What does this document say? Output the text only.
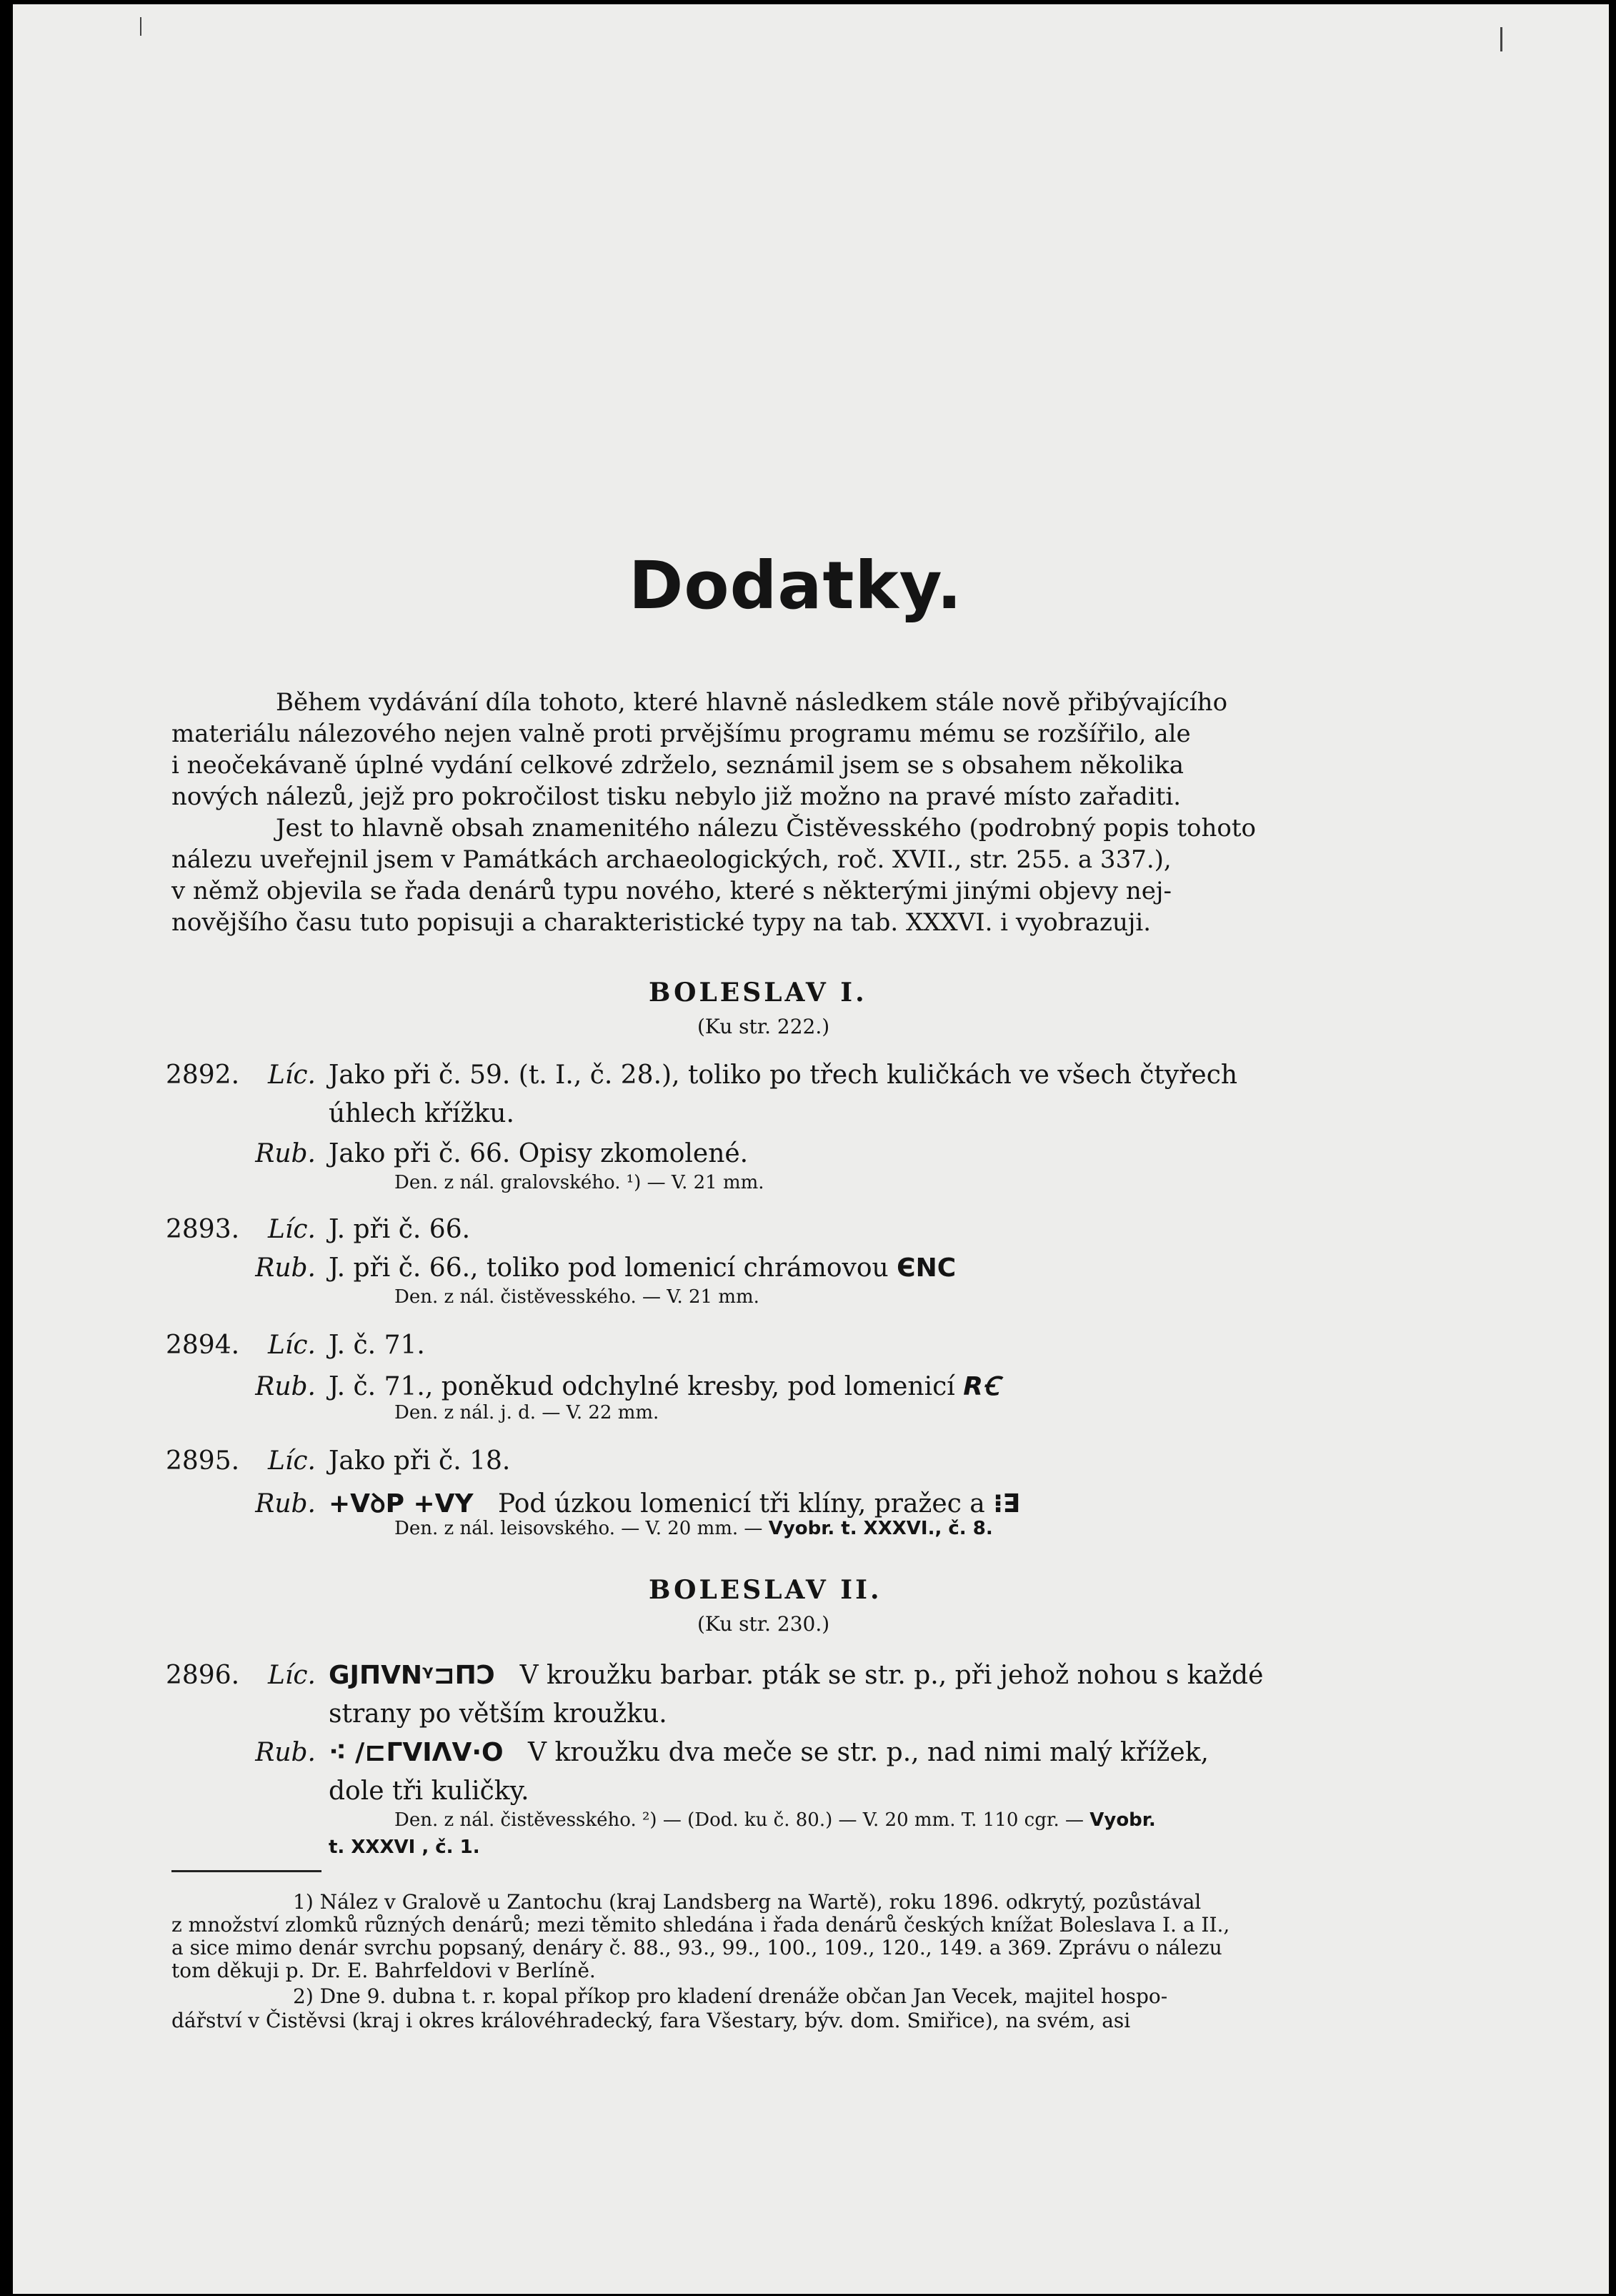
Dodatky.
Během vydávání díla tohoto, které hlavně následkem stále nově přibývajícího
materiálu nálezového nejen valně proti prvějšímu programu mému se rozšířilo, ale
i neočekávaně úplné vydání celkové zdrželo, seznámil jsem se s obsahem několika
nových nálezů, jejž pro pokročilost tisku nebylo již možno na pravé místo zařaditi.
Jest to hlavně obsah znamenitého nálezu Čistěvesského (podrobný popis tohoto
nálezu uveřejnil jsem v Památkách archaeologických, roč. XVII., str. 255. a 337.),
v němž objevila se řada denárů typu nového, které s některými jinými objevy nej-
novějšího času tuto popisuji a charakteristické typy na tab. XXXVI. i vyobrazuji.
BOLESLAV I.
(Ku str. 222.)
2892. Líc. Jako při č. 59. (t. I., č. 28.), toliko po třech kuličkách ve všech čtyřech
úhlech křížku.
Rub. Jako při č. 66. Opisy zkomolené.
Den. z nál. gralovského. ¹) — V. 21 mm.
2893. Líc. J. při č. 66.
Rub. J. při č. 66., toliko pod lomenicí chrámovou ЄNC
Den. z nál. čistěvesského. — V. 21 mm.
2894. Líc. J. č. 71.
Rub. J. č. 71., poněkud odchylné kresby, pod lomenicí RꞒ
Den. z nál. j. d. — V. 22 mm.
2895. Líc. Jako při č. 18.
Rub. +VꝺP +VY Pod úzkou lomenicí tři klíny, pražec a ⁝ꓱ
Den. z nál. leisovského. — V. 20 mm. — Vyobr. t. XXXVI., č. 8.
BOLESLAV II.
(Ku str. 230.)
2896. Líc. GJΠVNᵞ⊐ΠƆ V kroužku barbar. pták se str. p., při jehož nohou s každé
strany po větším kroužku.
Rub. ⁖ /⊏ΓVIΛV·O V kroužku dva meče se str. p., nad nimi malý křížek,
dole tři kuličky.
Den. z nál. čistěvesského. ²) — (Dod. ku č. 80.) — V. 20 mm. T. 110 cgr. — Vyobr.
t. XXXVI , č. 1.
1) Nález v Gralově u Zantochu (kraj Landsberg na Wartě), roku 1896. odkrytý, pozůstával
z množství zlomků různých denárů; mezi těmito shledána i řada denárů českých knížat Boleslava I. a II.,
a sice mimo denár svrchu popsaný, denáry č. 88., 93., 99., 100., 109., 120., 149. a 369. Zprávu o nálezu
tom děkuji p. Dr. E. Bahrfeldovi v Berlíně.
2) Dne 9. dubna t. r. kopal příkop pro kladení drenáže občan Jan Vecek, majitel hospo-
dářství v Čistěvsi (kraj i okres královéhradecký, fara Všestary, býv. dom. Smiřice), na svém, asi
